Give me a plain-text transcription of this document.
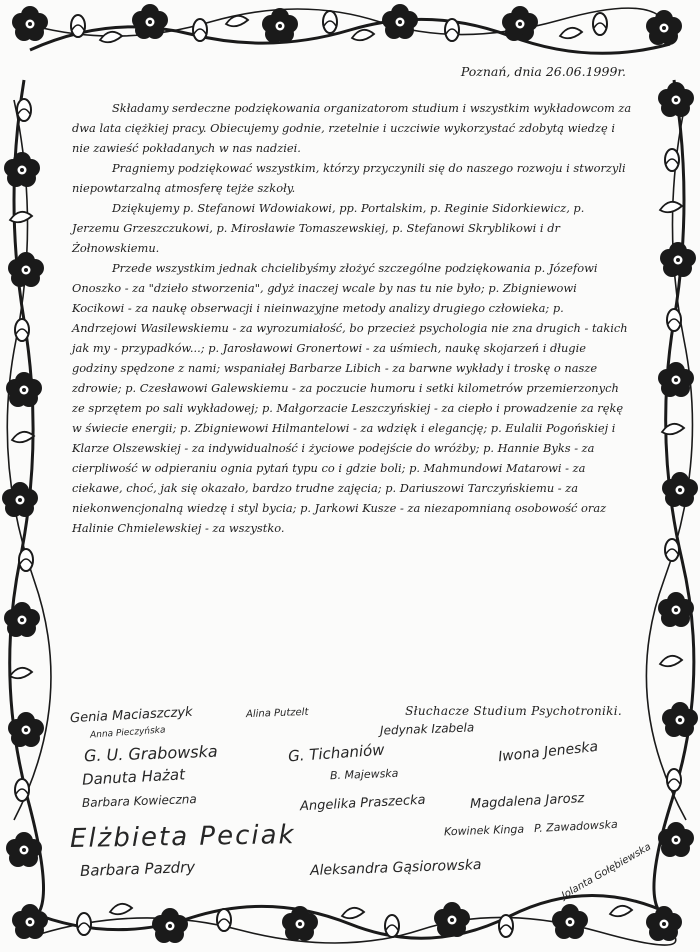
Poznań, dnia 26.06.1999r.

Składamy serdeczne podziękowania organizatorom studium i wszystkim wykładowcom za dwa lata ciężkiej pracy. Obiecujemy godnie, rzetelnie i uczciwie wykorzystać zdobytą wiedzę i nie zawieść pokładanych w nas nadziei.

Pragniemy podziękować wszystkim, którzy przyczynili się do naszego rozwoju i stworzyli niepowtarzalną atmosferę tejże szkoły.

Dziękujemy p. Stefanowi Wdowiakowi, pp. Portalskim, p. Reginie Sidorkiewicz, p. Jerzemu Grzeszczukowi, p. Mirosławie Tomaszewskiej, p. Stefanowi Skryblikowi i dr Żołnowskiemu.

Przede wszystkim jednak chcielibyśmy złożyć szczególne podziękowania p. Józefowi Onoszko - za "dzieło stworzenia", gdyż inaczej wcale by nas tu nie było; p. Zbigniewowi Kocikowi - za naukę obserwacji i nieinwazyjne metody analizy drugiego człowieka; p. Andrzejowi Wasilewskiemu - za wyrozumiałość, bo przecież psychologia nie zna drugich - takich jak my - przypadków...; p. Jarosławowi Gronertowi - za uśmiech, naukę skojarzeń i długie godziny spędzone z nami; wspaniałej Barbarze Libich - za barwne wykłady i troskę o nasze zdrowie; p. Czesławowi Galewskiemu - za poczucie humoru i setki kilometrów przemierzonych ze sprzętem po sali wykładowej; p. Małgorzacie Leszczyńskiej - za ciepło i prowadzenie za rękę w świecie energii; p. Zbigniewowi Hilmantelowi - za wdzięk i elegancję; p. Eulalii Pogońskiej i Klarze Olszewskiej - za indywidualność i życiowe podejście do wróżby; p. Hannie Byks - za cierpliwość w odpieraniu ognia pytań typu co i gdzie boli; p. Mahmundowi Matarowi - za ciekawe, choć, jak się okazało, bardzo trudne zajęcia; p. Dariuszowi Tarczyńskiemu - za niekonwencjonalną wiedzę i styl bycia; p. Jarkowi Kusze - za niezapomnianą osobowość oraz Halinie Chmielewskiej - za wszystko.

Słuchacze Studium Psychotroniki.
Genia Maciaszczyk
Anna Pieczyńska
Alina Putzelt
Jedynak Izabela
G. U. Grabowska	G. Tichaniów
B. Majewska
Iwona Jeneska
Danuta Hażat
Barbara Kowieczna	Angelika Praszecka	Magdalena Jarosz
Elżbieta Peciak	Kowinek Kinga P. Zawadowska
Barbara Pazdry	Aleksandra Gąsiorowska	Jolanta Gołębiewska
